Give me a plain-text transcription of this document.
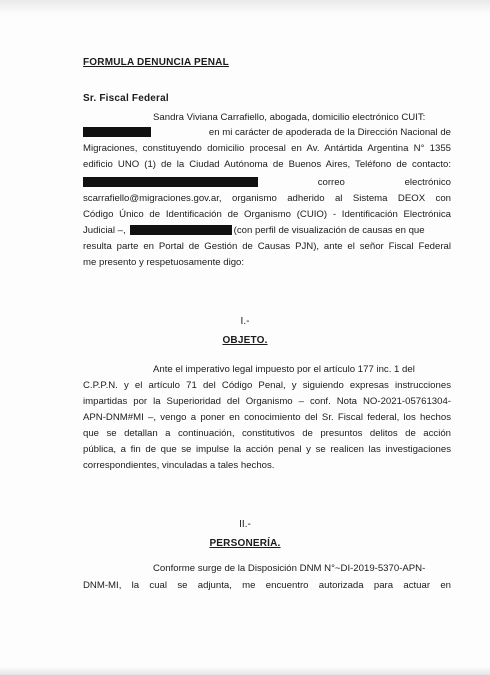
FORMULA DENUNCIA PENAL
Sr. Fiscal Federal
Sandra Viviana Carrafiello, abogada, domicilio electrónico CUIT:
en mi carácter de apoderada de la Dirección Nacional de
Migraciones, constituyendo domicilio procesal en Av. Antártida Argentina N° 1355
edificio UNO (1) de la Ciudad Autónoma de Buenos Aires, Teléfono de contacto:
correo	electrónico
scarrafiello@migraciones.gov.ar, organismo adherido al Sistema DEOX con
Código Único de Identificación de Organismo (CUIO) - Identificación Electrónica
Judicial –,	(con perfil de visualización de causas en que
resulta parte en Portal de Gestión de Causas PJN), ante el señor Fiscal Federal
me presento y respetuosamente digo:
I.-
OBJETO.
Ante el imperativo legal impuesto por el artículo 177 inc. 1 del
C.P.P.N. y el artículo 71 del Código Penal, y siguiendo expresas instrucciones
impartidas por la Superioridad del Organismo – conf. Nota NO-2021-05761304-
APN-DNM#MI –, vengo a poner en conocimiento del Sr. Fiscal federal, los hechos
que se detallan a continuación, constitutivos de presuntos delitos de acción
pública, a fin de que se impulse la acción penal y se realicen las investigaciones
correspondientes, vinculadas a tales hechos.
II.-
PERSONERÍA.
Conforme surge de la Disposición DNM N°~DI-2019-5370-APN-
DNM-MI, la cual se adjunta, me encuentro autorizada para actuar en
